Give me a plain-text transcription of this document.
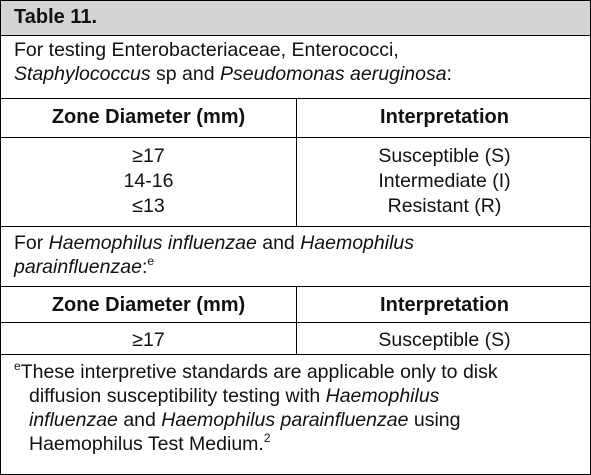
Table 11.
For testing Enterobacteriaceae, Enterococci,
Staphylococcus sp and Pseudomonas aeruginosa:
Zone Diameter (mm)	Interpretation
≥17	Susceptible (S)
14-16	Intermediate (I)
≤13	Resistant (R)
For Haemophilus influenzae and Haemophilus
parainfluenzae:$^e$
Zone Diameter (mm)	Interpretation
≥17	Susceptible (S)
$^e$These interpretive standards are applicable only to disk
diffusion susceptibility testing with Haemophilus
influenzae and Haemophilus parainfluenzae using
Haemophilus Test Medium.$^2$
